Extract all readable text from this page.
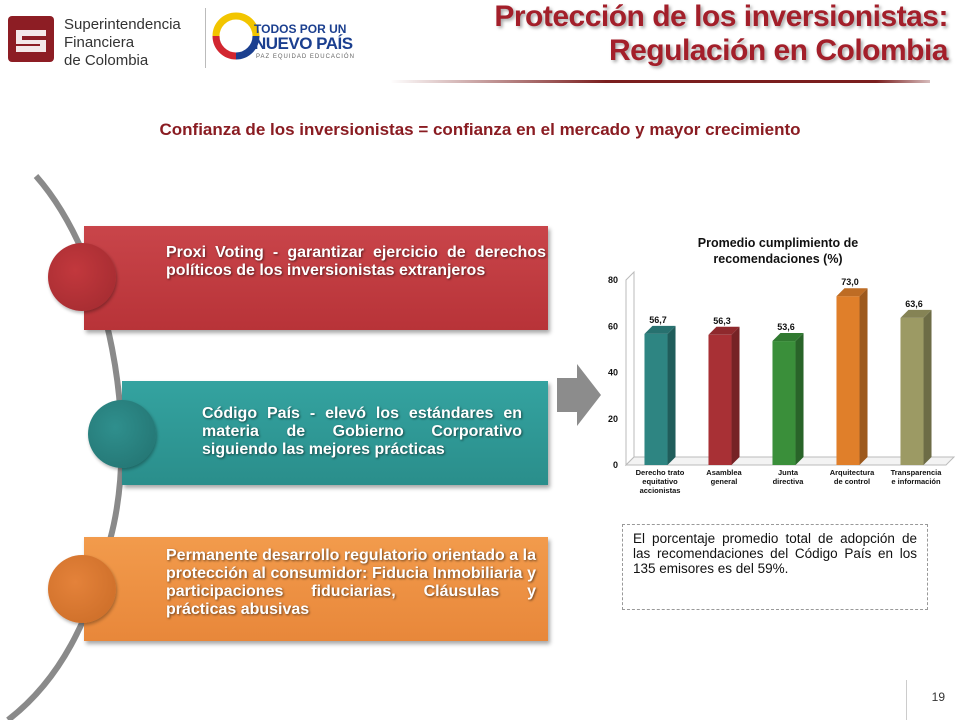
Superintendencia
Financiera
de Colombia
TODOS POR UN
NUEVO PAÍS
PAZ EQUIDAD EDUCACIÓN
Protección de los inversionistas:
Regulación en Colombia
Confianza de los inversionistas = confianza en el mercado y mayor crecimiento
Proxi Voting - garantizar ejercicio de derechos políticos de los inversionistas extranjeros
Código País - elevó los estándares en materia de Gobierno Corporativo siguiendo las mejores prácticas
Permanente desarrollo regulatorio orientado a la protección al consumidor: Fiducia Inmobiliaria y participaciones fiduciarias, Cláusulas y prácticas abusivas
Promedio cumplimiento de
recomendaciones (%)
0
20
40
60
80
56,7
Derecho trato
equitativo
accionistas
56,3
Asamblea
general
53,6
Junta
directiva
73,0
Arquitectura
de control
63,6
Transparencia
e información
El porcentaje promedio total de adopción de las recomendaciones del Código País en los 135 emisores es del 59%.
19
